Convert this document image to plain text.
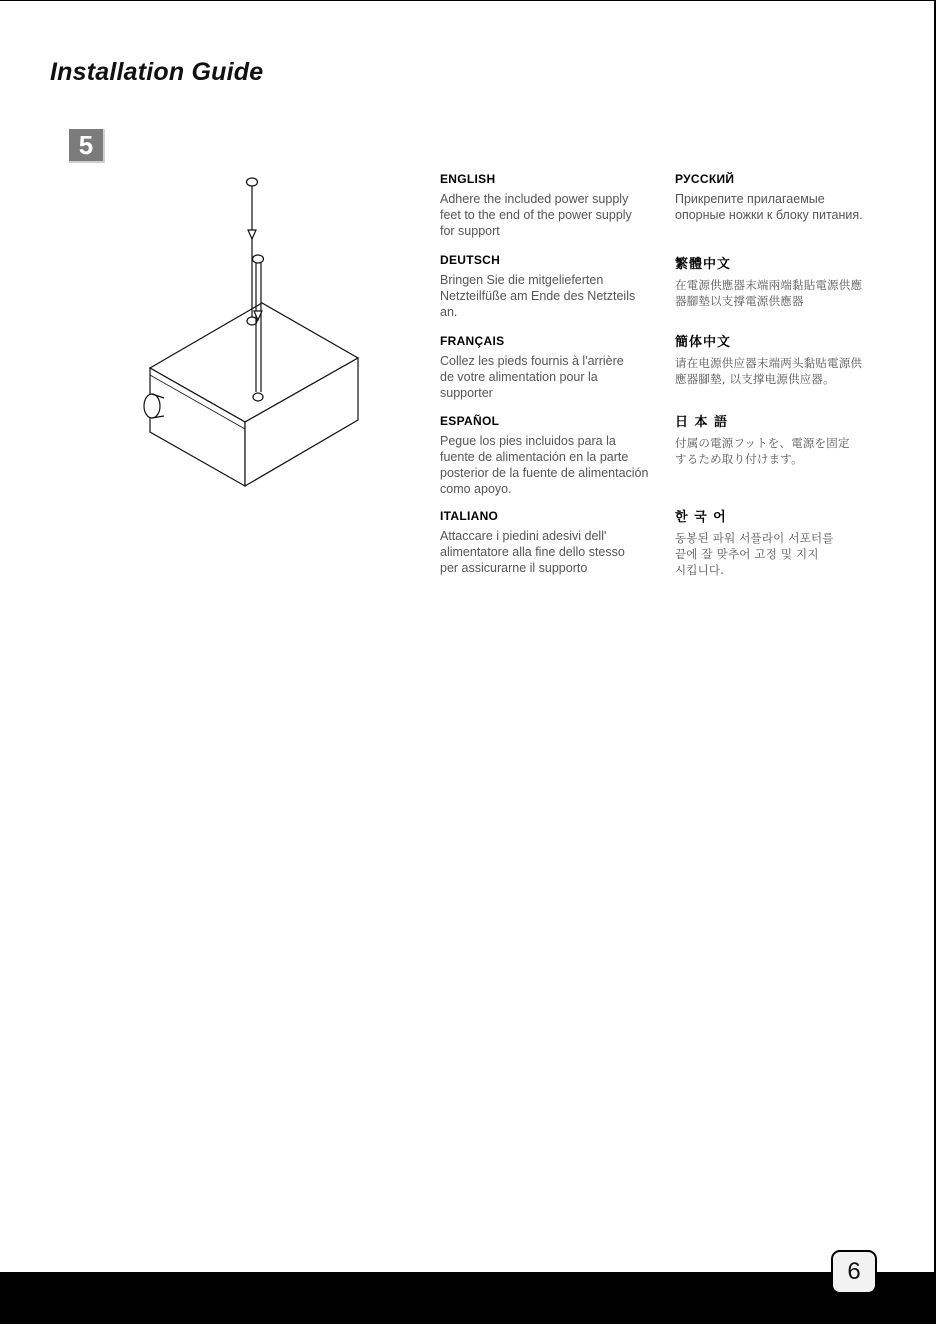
Installation Guide
5
ENGLISH

Adhere the included power supply
feet to the end of the power supply
for support

DEUTSCH

Bringen Sie die mitgelieferten
Netzteilfüße am Ende des Netzteils
an.

FRANÇAIS

Collez les pieds fournis à l'arrière
de votre alimentation pour la
supporter

ESPAÑOL

Pegue los pies incluidos para la
fuente de alimentación en la parte
posterior de la fuente de alimentación
como apoyo.

ITALIANO

Attaccare i piedini adesivi dell'
alimentatore alla fine dello stesso
per assicurarne il supporto

РУССКИЙ

Прикрепите прилагаемые
опорные ножки к блоку питания.

繁體中文

在電源供應器末端兩端黏貼電源供應
器腳墊以支撐電源供應器

簡体中文

请在电源供应器末端两头黏贴電源供
應器腳墊, 以支撑电源供应器。

日 本 語

付属の電源フットを、電源を固定
するため取り付けます。

한 국 어

동봉된 파워 서플라이 서포터를
끝에 잘 맞추어 고정 및 지지
시킵니다.

6
